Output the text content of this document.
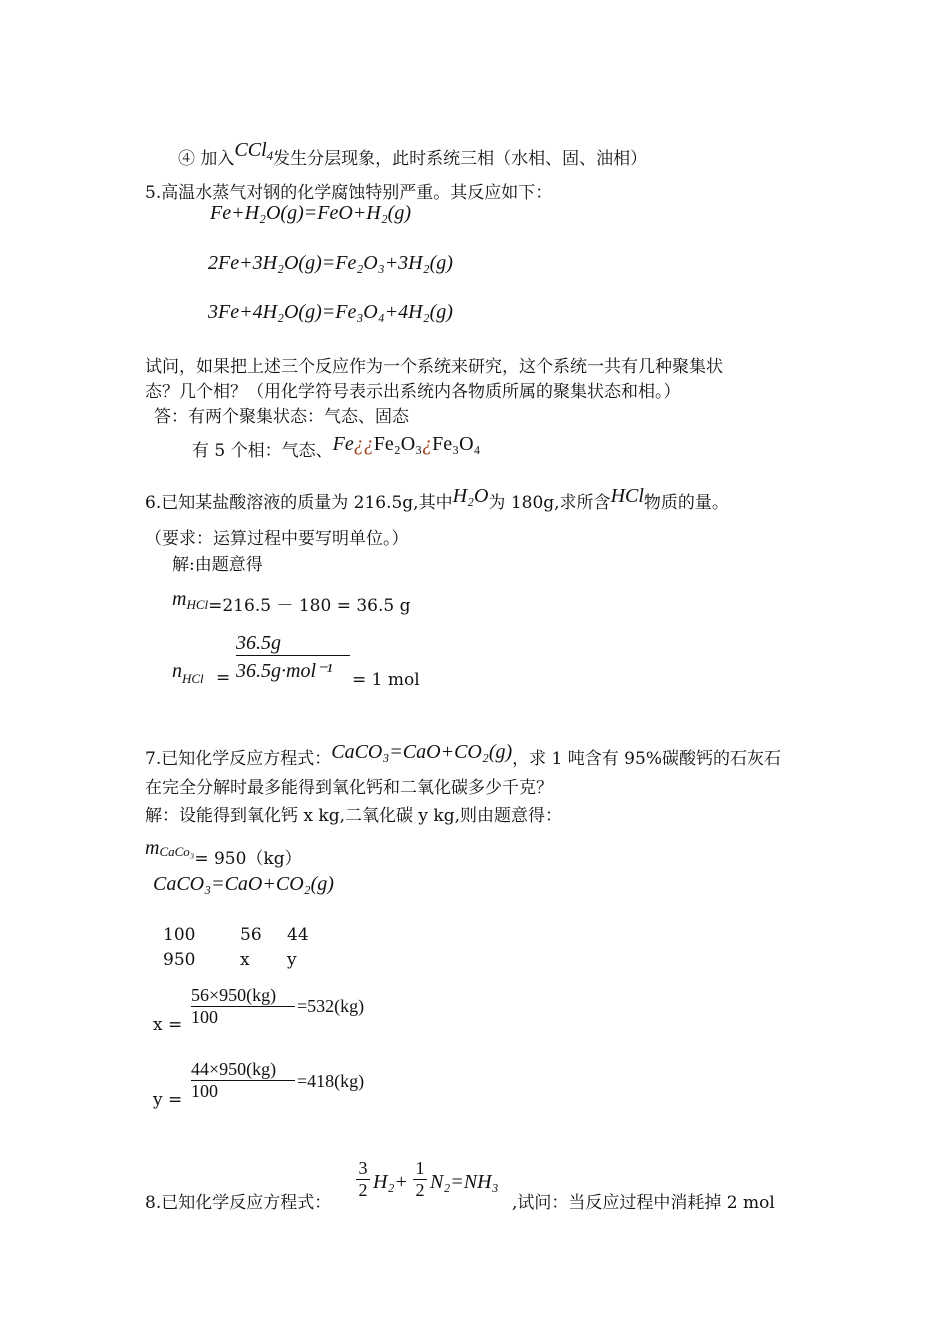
④ 加入CCl$_4$发生分层现象，此时系统三相（水相、固、油相）
5.高温水蒸气对钢的化学腐蚀特别严重。其反应如下：
Fe+H₂O(g)=FeO+H₂(g)
2Fe+3H₂O(g)=Fe₂O₃+3H₂(g)
3Fe+4H₂O(g)=Fe₃O₄+4H₂(g)
试问，如果把上述三个反应作为一个系统来研究，这个系统一共有几种聚集状
态？几个相？（用化学符号表示出系统内各物质所属的聚集状态和相。）
答：有两个聚集状态：气态、固态
有 5 个相：气态、Fe¿¿Fe₂O₃¿Fe₃O₄
6.已知某盐酸溶液的质量为 216.5g,其中H₂O为 180g,求所含HCl物质的量。
（要求：运算过程中要写明单位。）
解:由题意得
$m_{HCl}=216.5 - 180 = 36.5$ g
$n_{HCl}$ =
36.5g
36.5g·mol⁻¹	= 1 mol
7.已知化学反应方程式：CaCO₃=CaO+CO₂(g)，求 1 吨含有 95%碳酸钙的石灰石
在完全分解时最多能得到氧化钙和二氧化碳多少千克？
解：设能得到氧化钙 x kg,二氧化碳 y kg,则由题意得：
mCaCo₃= 950（kg）
CaCO₃=CaO+CO₂(g)
100	56 44
950	x y
x =
56×950(kg)
100
=532(kg)
y =
44×950(kg)
100	=418(kg)
8.已知化学反应方程式：
3
2 H₂+
1
2 N₂=NH₃
,试问：当反应过程中消耗掉 2 mol
